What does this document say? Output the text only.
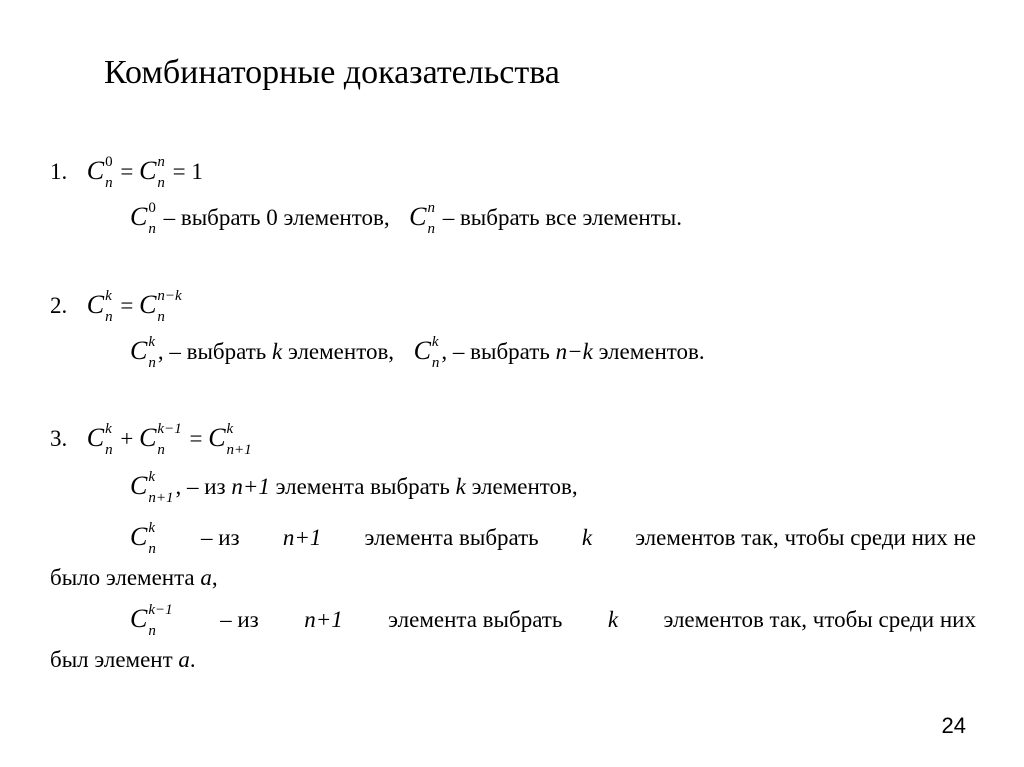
Комбинаторные доказательства
1. C 0
n = C n
n = 1
C 0
n – выбрать 0 элементов, C n
n – выбрать все элементы.
2. C k
n = C n−k
n
C k
n , – выбрать k элементов, C k
n , – выбрать n−k элементов.
3. C k
n + C k−1
n	= C k
n+1
C k
n+1 , – из n+1 элемента выбрать k элементов,
C k
n – из n+1 элемента выбрать k элементов так, чтобы среди них не
было элемента a,
C k−1
n	– из n+1 элемента выбрать k элементов так, чтобы среди них
был элемент a.
24
